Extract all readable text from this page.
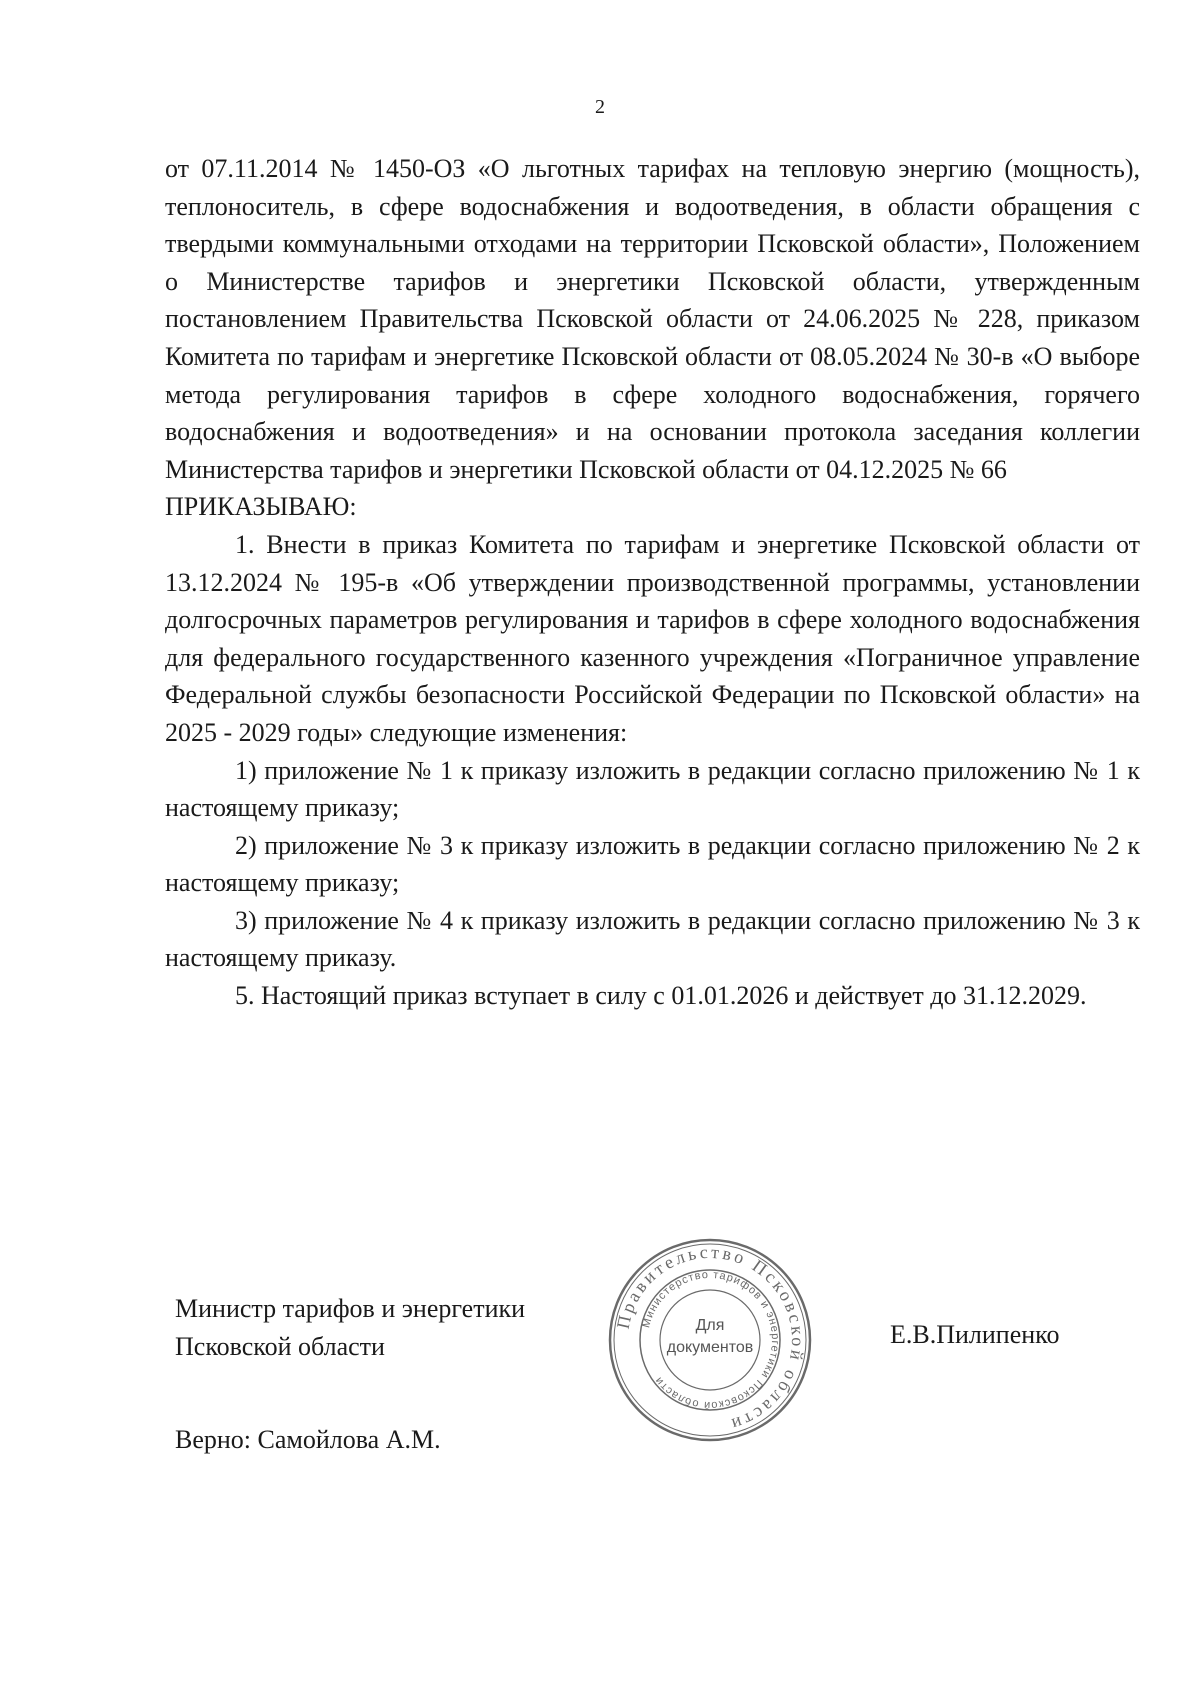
2

от 07.11.2014 № 1450-ОЗ «О льготных тарифах на тепловую энергию (мощность), теплоноситель, в сфере водоснабжения и водоотведения, в области обращения с твердыми коммунальными отходами на территории Псковской области», Положением о Министерстве тарифов и энергетики Псковской области, утвержденным постановлением Правительства Псковской области от 24.06.2025 № 228, приказом Комитета по тарифам и энергетике Псковской области от 08.05.2024 № 30-в «О выборе метода регулирования тарифов в сфере холодного водоснабжения, горячего водоснабжения и водоотведения» и на основании протокола заседания коллегии Министерства тарифов и энергетики Псковской области от 04.12.2025 № 66

ПРИКАЗЫВАЮ:

1. Внести в приказ Комитета по тарифам и энергетике Псковской области от 13.12.2024 № 195-в «Об утверждении производственной программы, установлении долгосрочных параметров регулирования и тарифов в сфере холодного водоснабжения для федерального государственного казенного учреждения «Пограничное управление Федеральной службы безопасности Российской Федерации по Псковской области» на 2025 - 2029 годы» следующие изменения:

1) приложение № 1 к приказу изложить в редакции согласно приложению № 1 к настоящему приказу;

2) приложение № 3 к приказу изложить в редакции согласно приложению № 2 к настоящему приказу;

3) приложение № 4 к приказу изложить в редакции согласно приложению № 3 к настоящему приказу.

5. Настоящий приказ вступает в силу с 01.01.2026 и действует до 31.12.2029.

Министр тарифов и энергетики
Псковской области
Верно: Самойлова А.М.
Е.В.Пилипенко
Правительство Псковской области
Министерство тарифов и энергетики Псковской области
Для
документов
